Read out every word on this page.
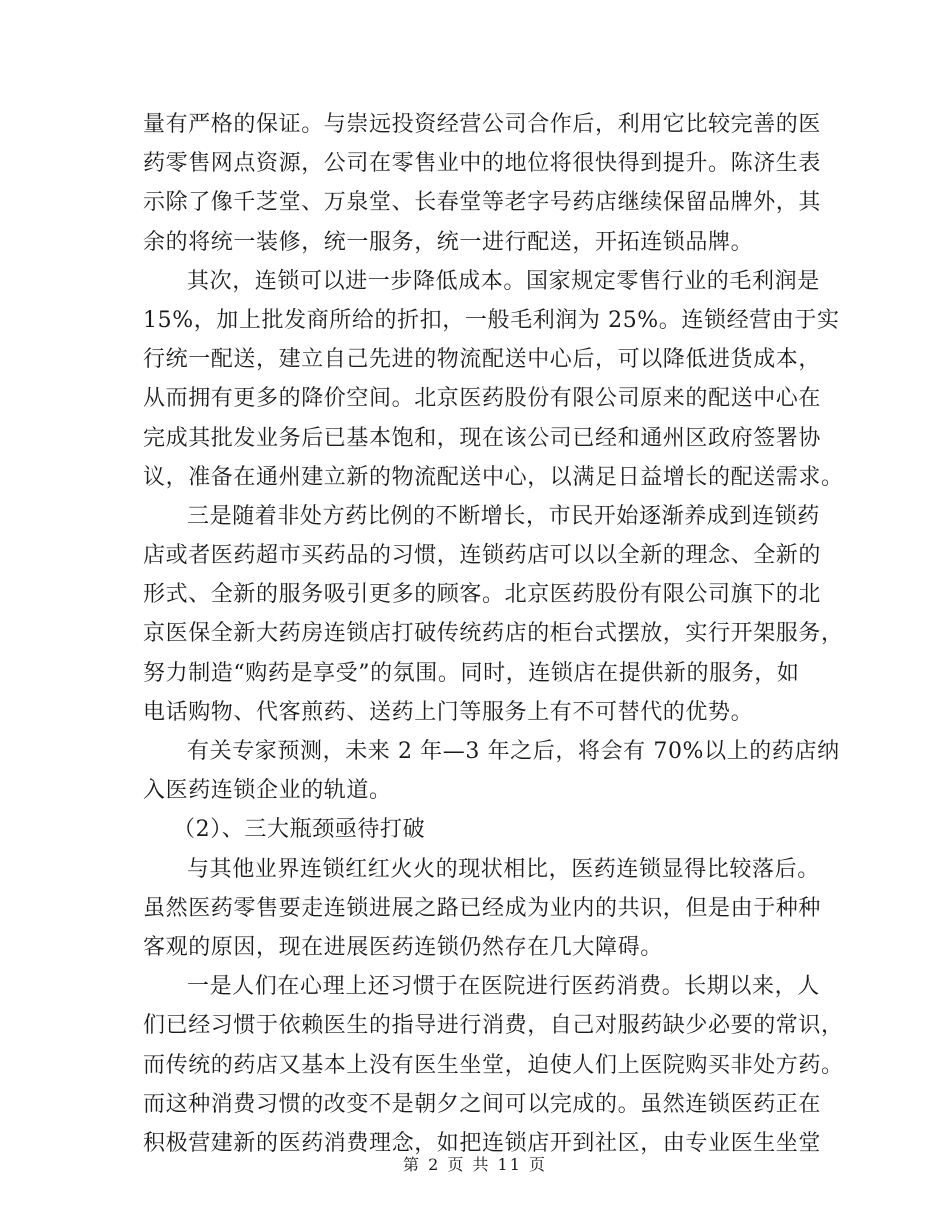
量有严格的保证。与崇远投资经营公司合作后，利用它比较完善的医
药零售网点资源，公司在零售业中的地位将很快得到提升。陈济生表
示除了像千芝堂、万泉堂、长春堂等老字号药店继续保留品牌外，其
余的将统一装修，统一服务，统一进行配送，开拓连锁品牌。
其次，连锁可以进一步降低成本。国家规定零售行业的毛利润是
15%，加上批发商所给的折扣，一般毛利润为 25%。连锁经营由于实
行统一配送，建立自己先进的物流配送中心后，可以降低进货成本，
从而拥有更多的降价空间。北京医药股份有限公司原来的配送中心在
完成其批发业务后已基本饱和，现在该公司已经和通州区政府签署协
议，准备在通州建立新的物流配送中心，以满足日益增长的配送需求。
三是随着非处方药比例的不断增长，市民开始逐渐养成到连锁药
店或者医药超市买药品的习惯，连锁药店可以以全新的理念、全新的
形式、全新的服务吸引更多的顾客。北京医药股份有限公司旗下的北
京医保全新大药房连锁店打破传统药店的柜台式摆放，实行开架服务，
努力制造“购药是享受”的氛围。同时，连锁店在提供新的服务，如
电话购物、代客煎药、送药上门等服务上有不可替代的优势。
有关专家预测，未来 2 年—3 年之后，将会有 70%以上的药店纳
入医药连锁企业的轨道。
（2）、三大瓶颈亟待打破
与其他业界连锁红红火火的现状相比，医药连锁显得比较落后。
虽然医药零售要走连锁进展之路已经成为业内的共识，但是由于种种
客观的原因，现在进展医药连锁仍然存在几大障碍。
一是人们在心理上还习惯于在医院进行医药消费。长期以来，人
们已经习惯于依赖医生的指导进行消费，自己对服药缺少必要的常识，
而传统的药店又基本上没有医生坐堂，迫使人们上医院购买非处方药。
而这种消费习惯的改变不是朝夕之间可以完成的。虽然连锁医药正在
积极营建新的医药消费理念，如把连锁店开到社区，由专业医生坐堂
第 2 页 共 11 页
